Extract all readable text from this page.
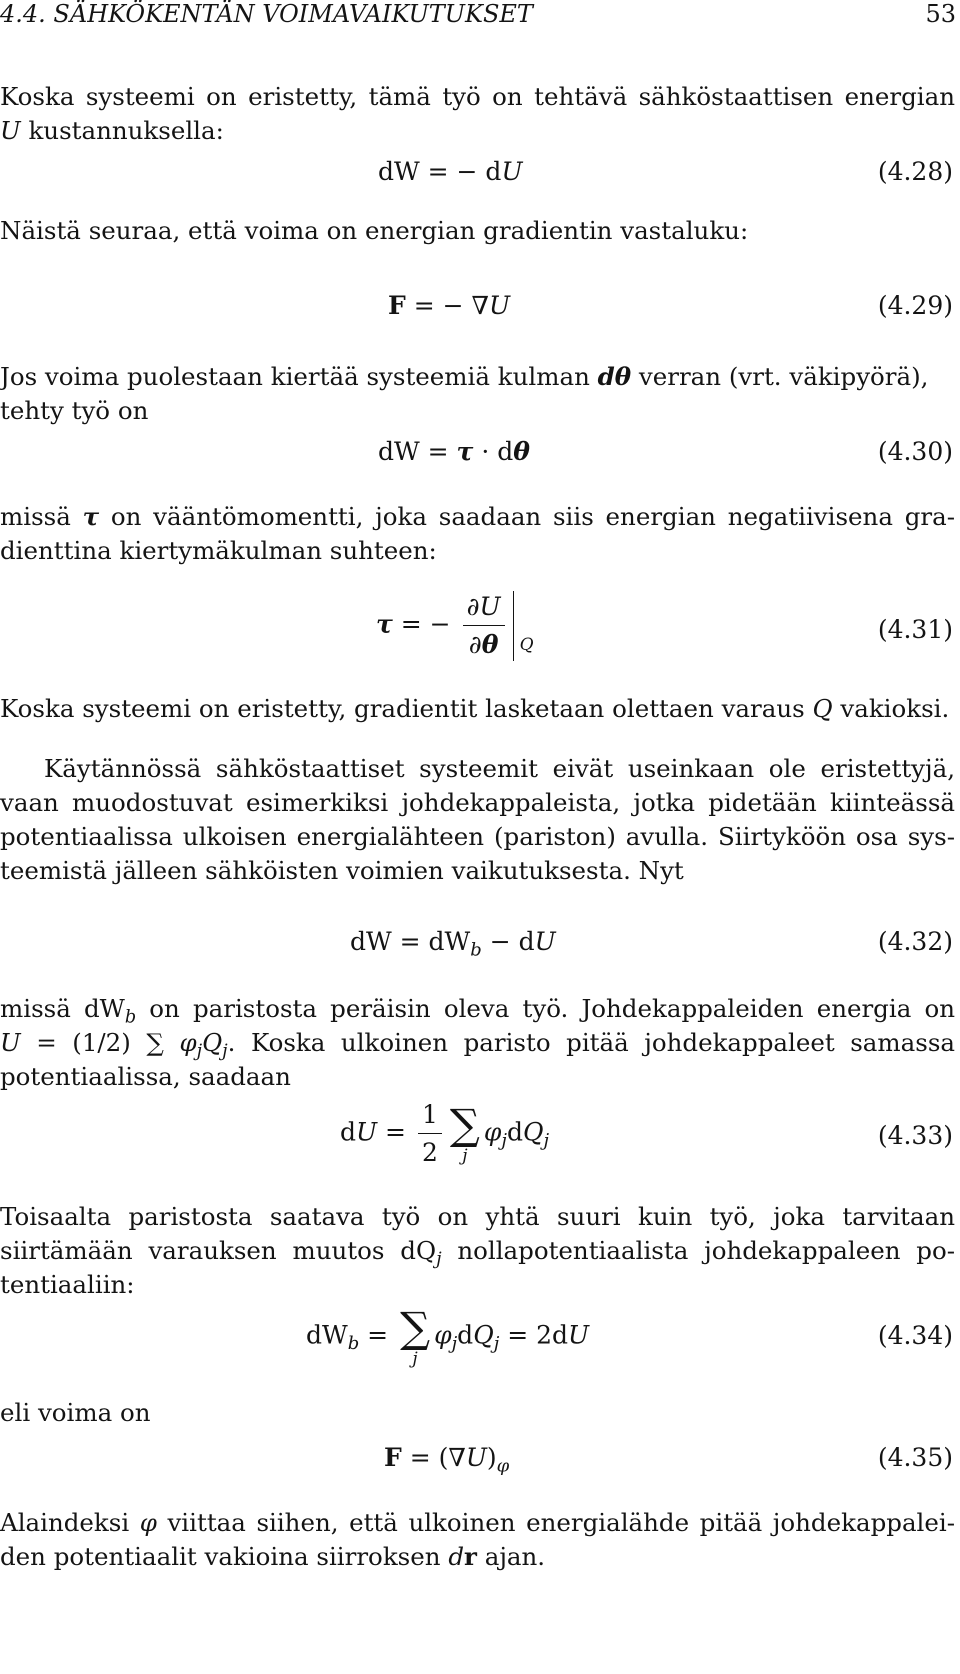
4.4. SÄHKÖKENTÄN VOIMAVAIKUTUKSET	53
Koska systeemi on eristetty, tämä työ on tehtävä sähköstaattisen energian
U kustannuksella:
dW = − dU	(4.28)
Näistä seuraa, että voima on energian gradientin vastaluku:
F = − ∇U	(4.29)
Jos voima puolestaan kiertää systeemiä kulman dθ verran (vrt. väkipyörä),
tehty työ on
dW = τ · dθ	(4.30)
missä τ on vääntömomentti, joka saadaan siis energian negatiivisena gra-
dienttina kiertymäkulman suhteen:
τ = − $\frac{\partial U}{\partial\theta}$ Q
(4.31)
Koska systeemi on eristetty, gradientit lasketaan olettaen varaus Q vakioksi.
Käytännössä sähköstaattiset systeemit eivät useinkaan ole eristettyjä,
vaan muodostuvat esimerkiksi johdekappaleista, jotka pidetään kiinteässä
potentiaalissa ulkoisen energialähteen (pariston) avulla. Siirtyköön osa sys-
teemistä jälleen sähköisten voimien vaikutuksesta. Nyt
dW = $dW_b$ − dU	(4.32)
missä $dW_b$ on paristosta peräisin oleva työ. Johdekappaleiden energia on
U = (1/2) ∑ $\varphi_jQ_j$. Koska ulkoinen paristo pitää johdekappaleet samassa
potentiaalissa, saadaan
dU = $\frac{1}{2}$ ∑
j
$\varphi_jdQ_j$	(4.33)
Toisaalta paristosta saatava työ on yhtä suuri kuin työ, joka tarvitaan
siirtämään varauksen muutos $dQ_j$ nollapotentiaalista johdekappaleen po-
tentiaaliin:
$dW_b$ = ∑
j
$\varphi_jdQ_j = 2dU$	(4.34)
eli voima on
$F = (\nabla U)_\varphi$	(4.35)
Alaindeksi φ viittaa siihen, että ulkoinen energialähde pitää johdekappalei-
den potentiaalit vakioina siirroksen dr ajan.
